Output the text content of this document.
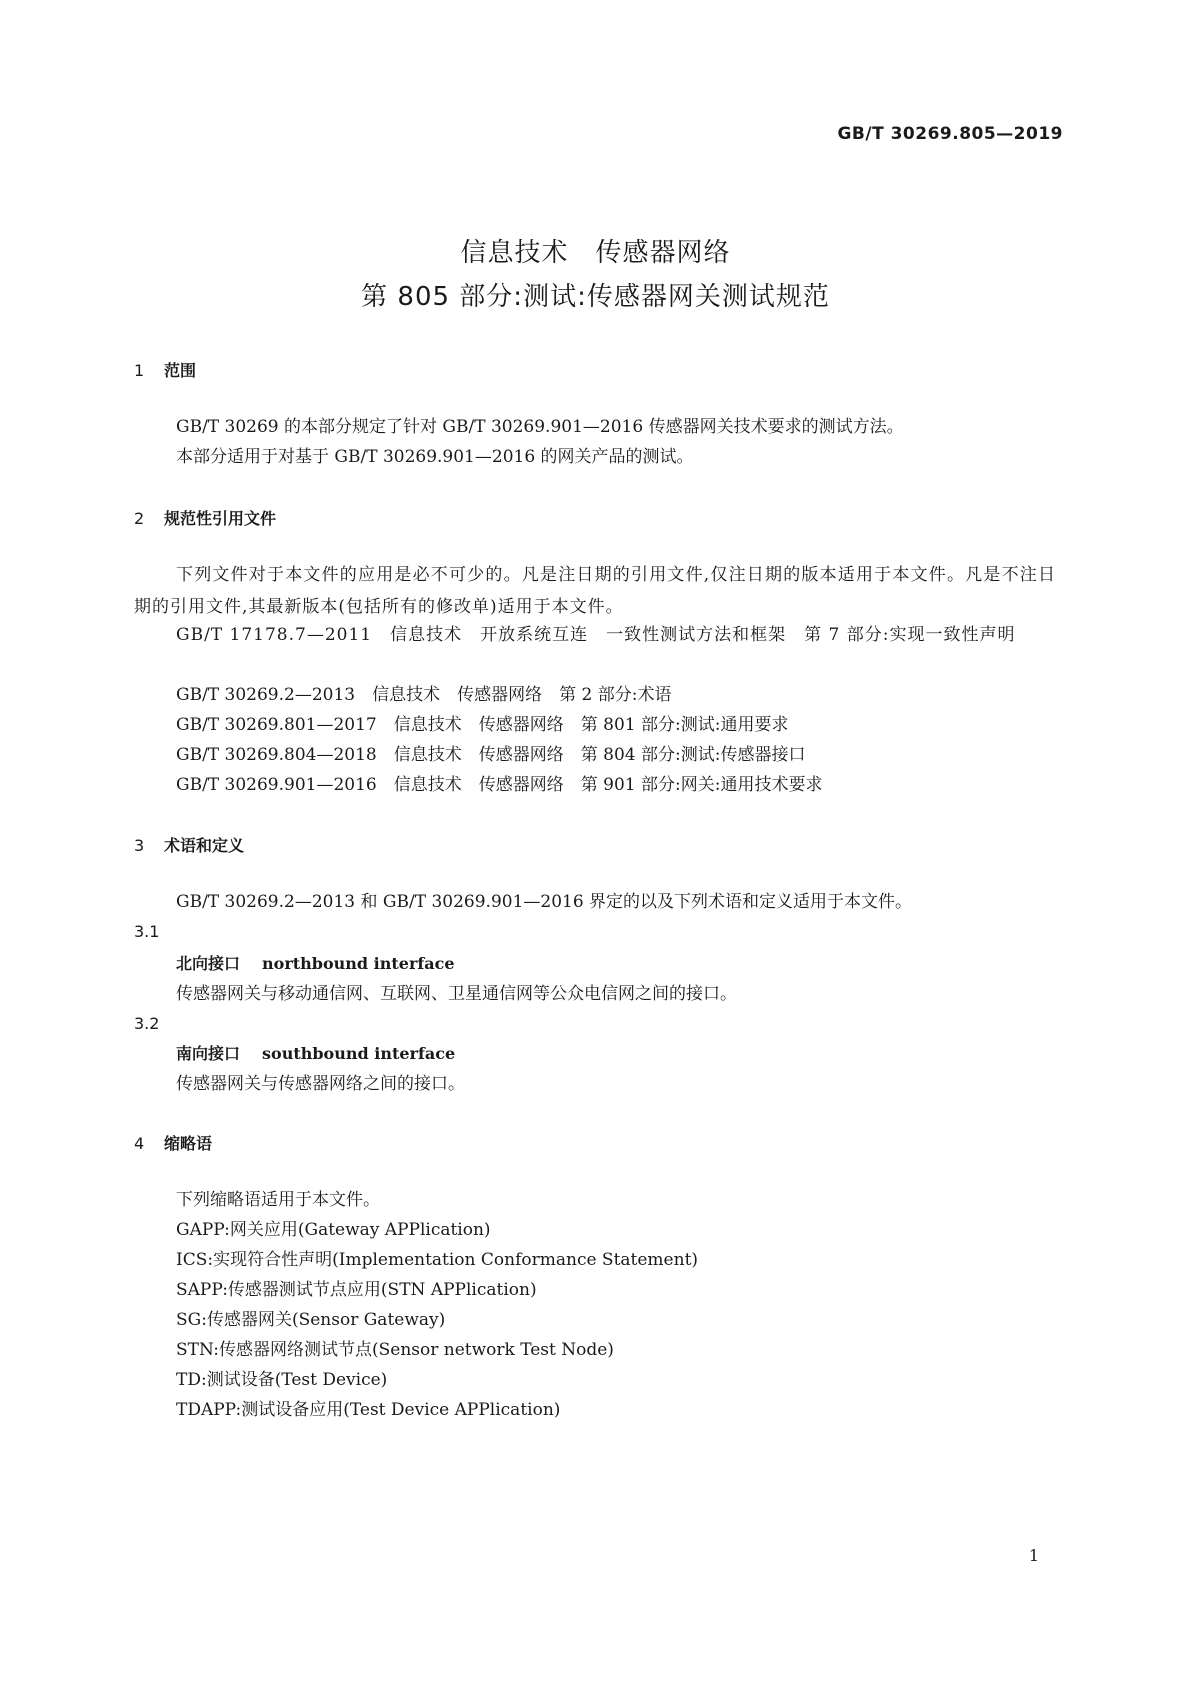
GB/T 30269.805—2019
信息技术　传感器网络
第 805 部分:测试:传感器网关测试规范
1 范围
GB/T 30269 的本部分规定了针对 GB/T 30269.901—2016 传感器网关技术要求的测试方法。
本部分适用于对基于 GB/T 30269.901—2016 的网关产品的测试。
2 规范性引用文件
下列文件对于本文件的应用是必不可少的。凡是注日期的引用文件,仅注日期的版本适用于本文件。凡是不注日期的引用文件,其最新版本(包括所有的修改单)适用于本文件。
GB/T 17178.7—2011　信息技术　开放系统互连　一致性测试方法和框架　第 7 部分:实现一致性声明
GB/T 30269.2—2013　信息技术　传感器网络　第 2 部分:术语
GB/T 30269.801—2017　信息技术　传感器网络　第 801 部分:测试:通用要求
GB/T 30269.804—2018　信息技术　传感器网络　第 804 部分:测试:传感器接口
GB/T 30269.901—2016　信息技术　传感器网络　第 901 部分:网关:通用技术要求
3 术语和定义
GB/T 30269.2—2013 和 GB/T 30269.901—2016 界定的以及下列术语和定义适用于本文件。
3.1
北向接口 northbound interface
传感器网关与移动通信网、互联网、卫星通信网等公众电信网之间的接口。
3.2
南向接口 southbound interface
传感器网关与传感器网络之间的接口。
4 缩略语
下列缩略语适用于本文件。
GAPP:网关应用(Gateway APPlication)
ICS:实现符合性声明(Implementation Conformance Statement)
SAPP:传感器测试节点应用(STN APPlication)
SG:传感器网关(Sensor Gateway)
STN:传感器网络测试节点(Sensor network Test Node)
TD:测试设备(Test Device)
TDAPP:测试设备应用(Test Device APPlication)
1
